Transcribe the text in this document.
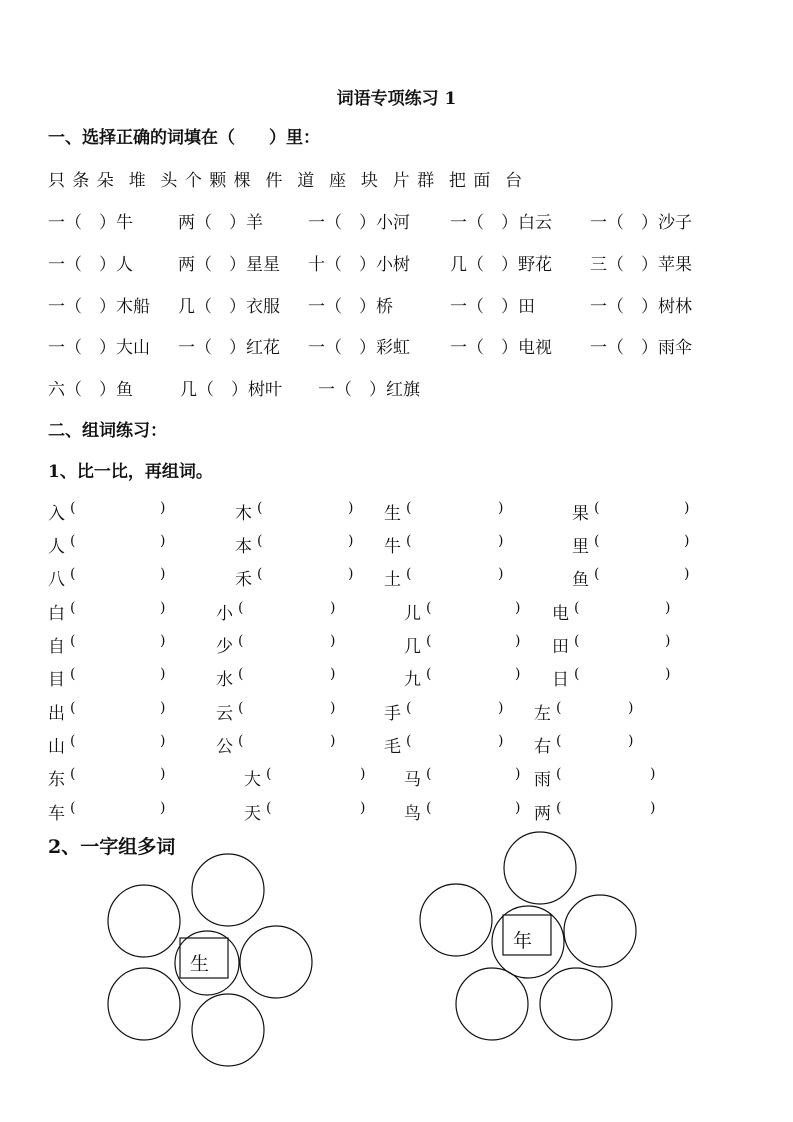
词语专项练习 1
一、选择正确的词填在（　　）里：
只 条 朵  堆  头 个 颗 棵  件  道  座  块  片 群  把 面  台
一（　）牛	两（　）羊	一（　）小河 一（　）白云 一（　）沙子
一（　）人	两（　）星星 十（　）小树 几（　）野花 三（　）苹果
一（　）木船 几（　）衣服 一（　）桥	一（　）田	一（　）树林
一（　）大山 一（　）红花 一（　）彩虹 一（　）电视 一（　）雨伞
六（　）鱼	几（　）树叶 一（　）红旗
二、组词练习：
1、比一比，再组词。
入 (	)	木 (	) 生 (	)	果 (	)
人 (	)	本 (	) 牛 (	)	里 (	)
八 (	)	禾 (	) 土 (	)	鱼 (	)
白 (	)	小 (	)	儿 (	) 电 (	)
自 (	)	少 (	)	几 (	) 田 (	)
目 (	)	水 (	)	九 (	) 日 (	)
出 (	)	云 (	)	手 (	) 左 (	)
山 (	)	公 (	)	毛 (	) 右 (	)
东 (	)	大 (	) 马 (	) 雨 (	)
车 (	)	天 (	) 鸟 (	) 两 (	)
2、一字组多词
生
年
